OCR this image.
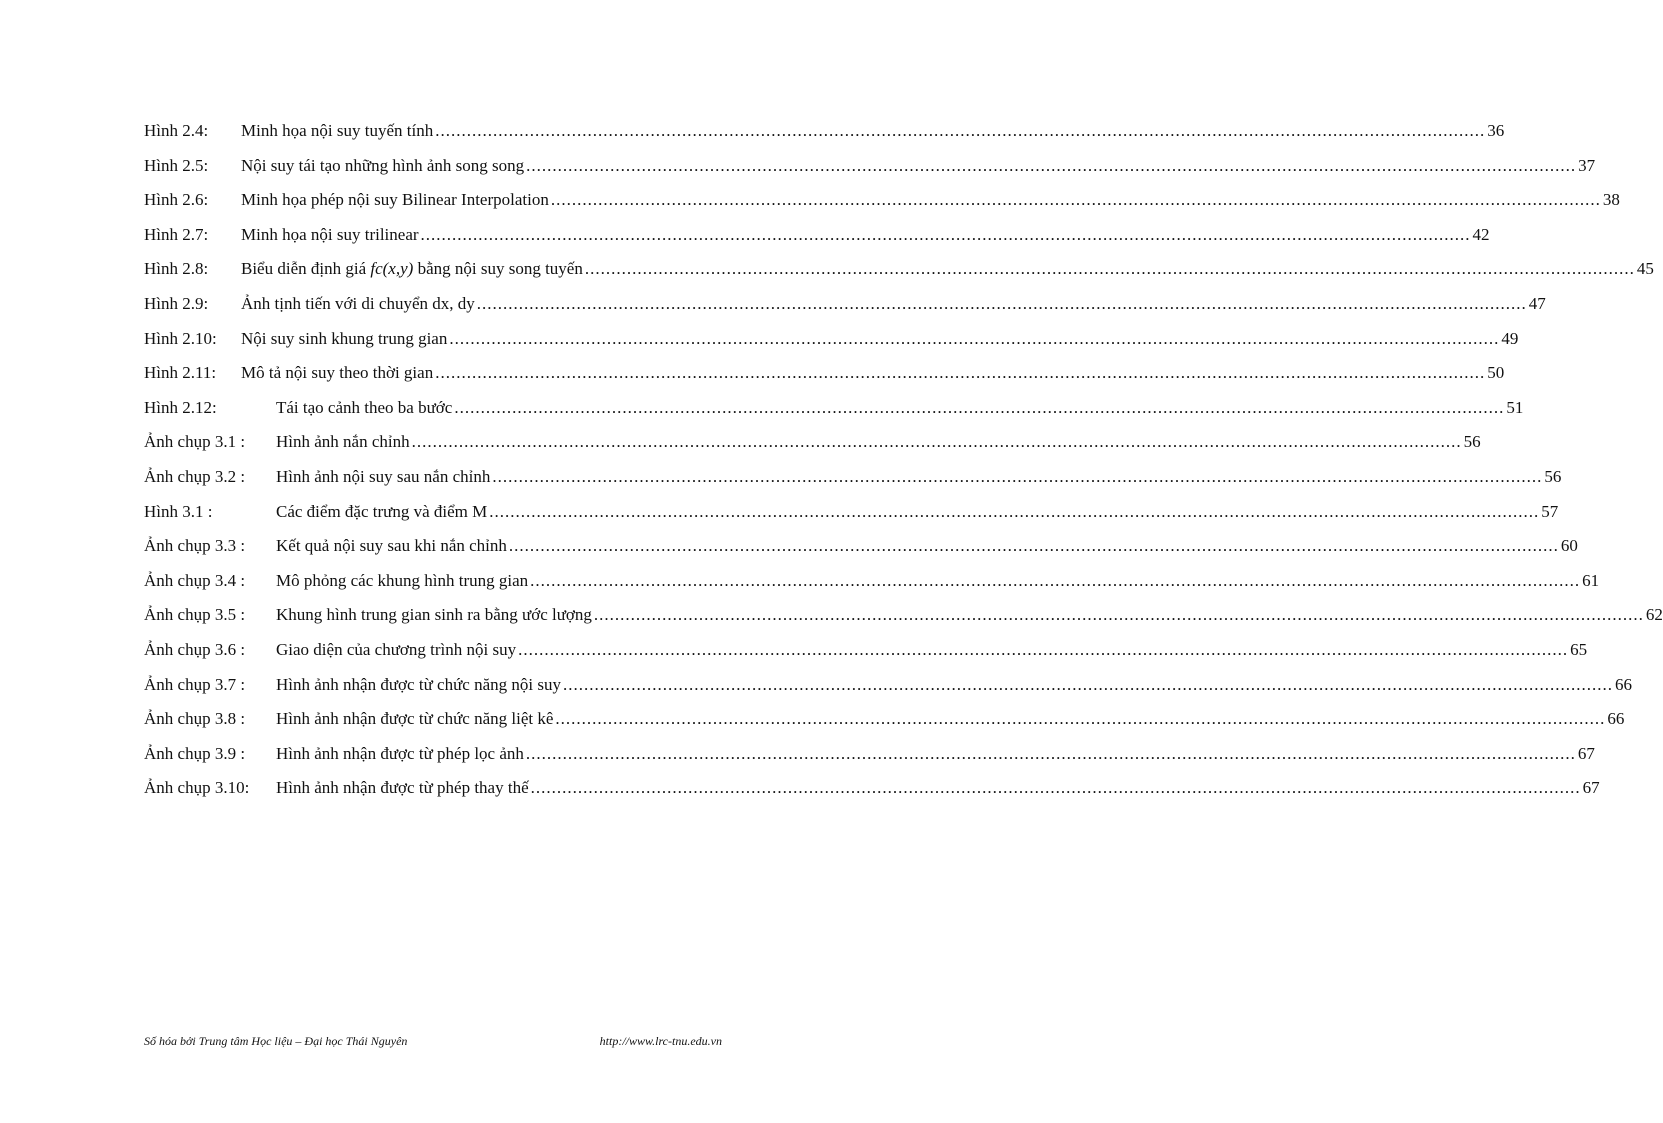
Hình 2.4: Minh họa nội suy tuyến tính ........................................................................................................................................................................................................ 36
Hình 2.5: Nội suy tái tạo những hình ảnh song song ........................................................................................................................................................................................................ 37
Hình 2.6: Minh họa phép nội suy Bilinear Interpolation ........................................................................................................................................................................................................ 38
Hình 2.7: Minh họa nội suy trilinear ........................................................................................................................................................................................................ 42
Hình 2.8: Biểu diễn định giá fc(x,y) bằng nội suy song tuyến ........................................................................................................................................................................................................ 45
Hình 2.9: Ảnh tịnh tiến với di chuyển dx, dy ........................................................................................................................................................................................................ 47
Hình 2.10: Nội suy sinh khung trung gian ........................................................................................................................................................................................................ 49
Hình 2.11: Mô tả nội suy theo thời gian ........................................................................................................................................................................................................ 50
Hình 2.12:	Tái tạo cảnh theo ba bước ........................................................................................................................................................................................................ 51
Ảnh chụp 3.1 : Hình ảnh nắn chỉnh ........................................................................................................................................................................................................ 56
Ảnh chụp 3.2 : Hình ảnh nội suy sau nắn chỉnh ........................................................................................................................................................................................................ 56
Hình 3.1 :	Các điểm đặc trưng và điểm M ........................................................................................................................................................................................................ 57
Ảnh chụp 3.3 : Kết quả nội suy sau khi nắn chỉnh ........................................................................................................................................................................................................ 60
Ảnh chụp 3.4 : Mô phỏng các khung hình trung gian ........................................................................................................................................................................................................ 61
Ảnh chụp 3.5 : Khung hình trung gian sinh ra bằng ước lượng ........................................................................................................................................................................................................ 62
Ảnh chụp 3.6 : Giao diện của chương trình nội suy ........................................................................................................................................................................................................ 65
Ảnh chụp 3.7 : Hình ảnh nhận được từ chức năng nội suy ........................................................................................................................................................................................................ 66
Ảnh chụp 3.8 : Hình ảnh nhận được từ chức năng liệt kê ........................................................................................................................................................................................................ 66
Ảnh chụp 3.9 : Hình ảnh nhận được từ phép lọc ảnh ........................................................................................................................................................................................................ 67
Ảnh chụp 3.10: Hình ảnh nhận được từ phép thay thế ........................................................................................................................................................................................................ 67
Số hóa bởi Trung tâm Học liệu – Đại học Thái Nguyên	http://www.lrc-tnu.edu.vn
